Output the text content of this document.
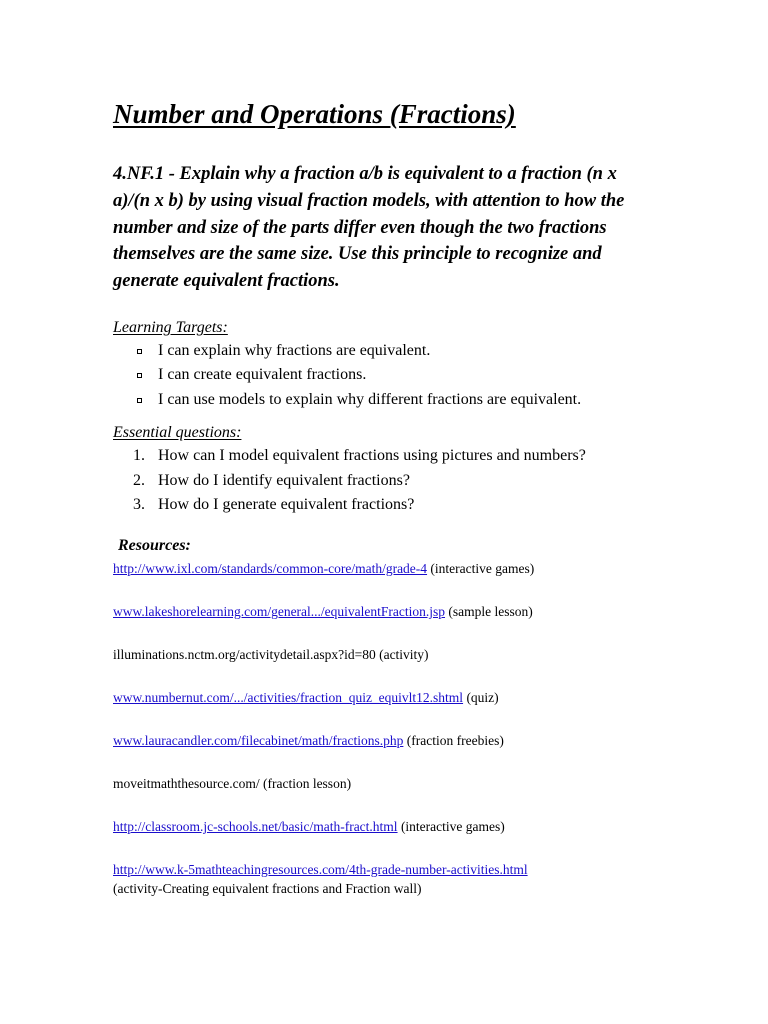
Number and Operations (Fractions)
4.NF.1 - Explain why a fraction a/b is equivalent to a fraction (n x a)/(n x b) by using visual fraction models, with attention to how the number and size of the parts differ even though the two fractions themselves are the same size. Use this principle to recognize and generate equivalent fractions.
Learning Targets:
I can explain why fractions are equivalent.
I can create equivalent fractions.
I can use models to explain why different fractions are equivalent.
Essential questions:
1. How can I model equivalent fractions using pictures and numbers?
2. How do I identify equivalent fractions?
3. How do I generate equivalent fractions?
Resources:
http://www.ixl.com/standards/common-core/math/grade-4 (interactive games)
www.lakeshorelearning.com/general.../equivalentFraction.jsp (sample lesson)
illuminations.nctm.org/activitydetail.aspx?id=80 (activity)
www.numbernut.com/.../activities/fraction_quiz_equivlt12.shtml (quiz)
www.lauracandler.com/filecabinet/math/fractions.php (fraction freebies)
moveitmaththesource.com/ (fraction lesson)
http://classroom.jc-schools.net/basic/math-fract.html (interactive games)
http://www.k-5mathteachingresources.com/4th-grade-number-activities.html
(activity-Creating equivalent fractions and Fraction wall)
